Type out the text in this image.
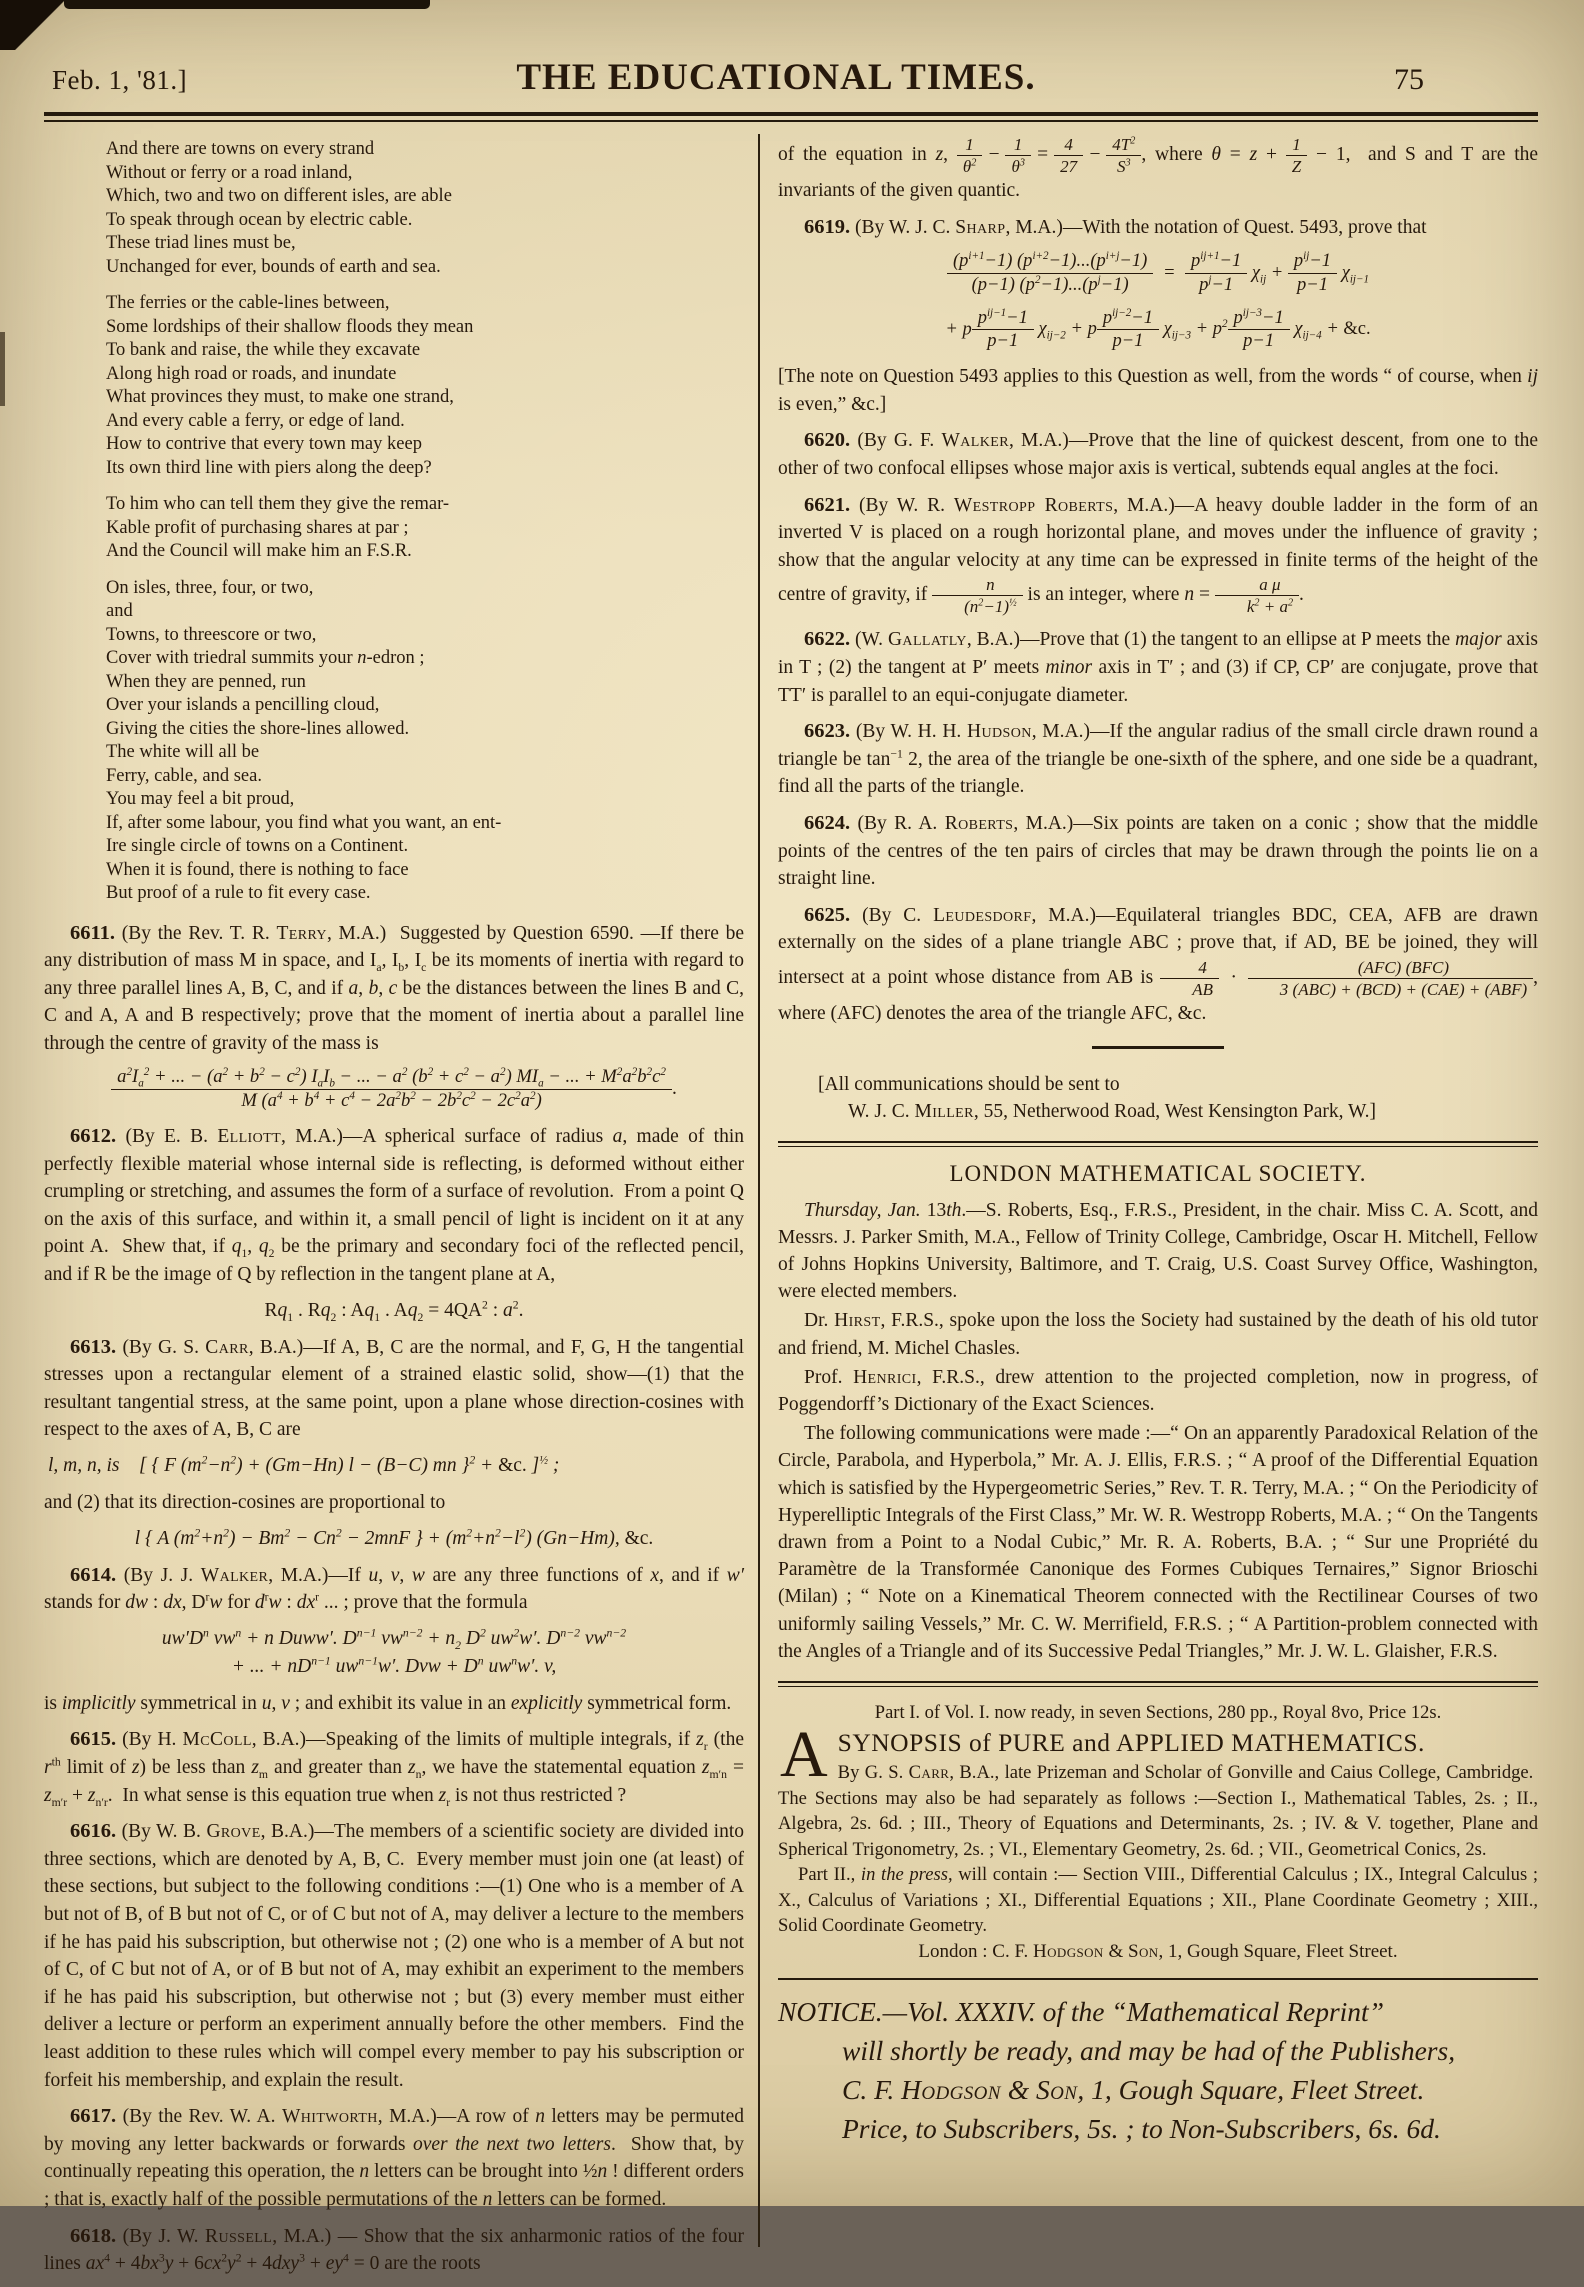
Feb. 1, '81.]	THE EDUCATIONAL TIMES.	75

And there are towns on every strand

Without or ferry or a road inland,

Which, two and two on different isles, are able

To speak through ocean by electric cable.

These triad lines must be,

Unchanged for ever, bounds of earth and sea.

The ferries or the cable-lines between,

Some lordships of their shallow floods they mean

To bank and raise, the while they excavate

Along high road or roads, and inundate

What provinces they must, to make one strand,

And every cable a ferry, or edge of land.

How to contrive that every town may keep

Its own third line with piers along the deep?

To him who can tell them they give the remar-

Kable profit of purchasing shares at par ;

And the Council will make him an F.S.R.

On isles, three, four, or two,

and

Towns, to threescore or two,

Cover with triedral summits your n-edron ;

When they are penned, run

Over your islands a pencilling cloud,

Giving the cities the shore-lines allowed.

The white will all be

Ferry, cable, and sea.

You may feel a bit proud,

If, after some labour, you find what you want, an ent-

Ire single circle of towns on a Continent.

When it is found, there is nothing to face

But proof of a rule to fit every case.

6611. (By the Rev. T. R. Terry, M.A.)  Suggested by Question 6590. —If there be any distribution of mass M in space, and $I_a$, $I_b$, $I_c$ be its moments of inertia with regard to any three parallel lines A, B, C, and if a, b, c be the distances between the lines B and C, C and A, A and B respectively; prove that the moment of inertia about a parallel line through the centre of gravity of the mass is

$a^2I_a^2$ + ... − $(a^2 + b^2 - c^2) I_aI_b$ − ... − $a^2$ $(b^2 + c^2 - a^2) MI_a$ − ... + $M^2a^2b^2c^2$
M $(a^4 + b^4 + c^4 - 2a^2b^2 - 2b^2c^2 - 2c^2a^2)$
.

6612. (By E. B. Elliott, M.A.)—A spherical surface of radius a, made of thin perfectly flexible material whose internal side is reflecting, is deformed without either crumpling or stretching, and assumes the form of a surface of revolution.  From a point Q on the axis of this surface, and within it, a small pencil of light is incident on it at any point A.  Shew that, if $q_1$, $q_2$ be the primary and secondary foci of the reflected pencil, and if R be the image of Q by reflection in the tangent plane at A,

$Rq_1$ . $Rq_2$ : $Aq_1$ . $Aq_2 = 4QA^2$ : $a^2$.

6613. (By G. S. Carr, B.A.)—If A, B, C are the normal, and F, G, H the tangential stresses upon a rectangular element of a strained elastic solid, show—(1) that the resultant tangential stress, at the same point, upon a plane whose direction-cosines with respect to the axes of A, B, C are

l, m, n, is    [ { F $(m^2-n^2) + (Gm-Hn) l - (B-C)$ mn }$^2$ + &c. ]$^{\frac{1}{2}}$ ;

and (2) that its direction-cosines are proportional to

l { A $(m^2+n^2) - Bm^2 - Cn^2 - 2mnF$ } + $(m^2+n^2-l^2)$ (Gn−Hm), &c.

6614. (By J. J. Walker, M.A.)—If u, v, w are any three functions of x, and if w′ stands for dw : dx, $D^rw$ for $d^rw$ : $dx^r$ ... ; prove that the formula

$uw'D^n$ $vw^n + n$ Duww′. $D^{n-1}$ $vw^{n-2} + n_2$ $D^2$ $uw^2w'$. $D^{n-2}$ $vw^{n-2}$
+ ... + $nD^{n-1}$ $uw^{n-1}w'$. Dvw + $D^n$ $uw^nw'$. v,

is implicitly symmetrical in u, v ; and exhibit its value in an explicitly symmetrical form.

6615. (By H. McColl, B.A.)—Speaking of the limits of multiple integrals, if $z_r$ (the $r^{th}$ limit of z) be less than $z_m$ and greater than $z_n$, we have the statemental equation $z_{m'n} = z_{m'r} + z_{n'r}$.  In what sense is this equation true when $z_r$ is not thus restricted ?

6616. (By W. B. Grove, B.A.)—The members of a scientific society are divided into three sections, which are denoted by A, B, C.  Every member must join one (at least) of these sections, but subject to the following conditions :—(1) One who is a member of A but not of B, of B but not of C, or of C but not of A, may deliver a lecture to the members if he has paid his subscription, but otherwise not ; (2) one who is a member of A but not of C, of C but not of A, or of B but not of A, may exhibit an experiment to the members if he has paid his subscription, but otherwise not ; but (3) every member must either deliver a lecture or perform an experiment annually before the other members.  Find the least addition to these rules which will compel every member to pay his subscription or forfeit his membership, and explain the result.

6617. (By the Rev. W. A. Whitworth, M.A.)—A row of n letters may be permuted by moving any letter backwards or forwards over the next two letters.  Show that, by continually repeating this operation, the n letters can be brought into ½n ! different orders ; that is, exactly half of the possible permutations of the n letters can be formed.

6618. (By J. W. Russell, M.A.) — Show that the six anharmonic ratios of the four lines $ax^4 + 4bx^3y + 6cx^2y^2 + 4dxy^3 + ey^4 = 0$ are the roots

of the equation in z, $\frac{1}{\theta^2} - \frac{1}{\theta^3} = \frac{4}{27} - \frac{4T^2}{S^3}$ , where $\theta = z + \frac{1}{Z} - 1$,  and S and T are the invariants of the given quantic.

6619. (By W. J. C. Sharp, M.A.)—With the notation of Quest. 5493, prove that

$\frac{(p^{i+1}-1) (p^{i+2}-1)...(p^{i+j}-1)}{(p-1) (p^2-1)...(p^j-1)} = \frac{p^{ij+1}-1}{p^j-1} \chi_{ij} + \frac{p^{ij}-1}{p-1} \chi_{ij-1}$
+ p $\frac{p^{ij-1}-1}{p-1} \chi_{ij-2} + p \frac{p^{ij-2}-1}{p-1} \chi_{ij-3} + p^2 \frac{p^{ij-3}-1}{p-1} \chi_{ij-4}$ + &c.

[The note on Question 5493 applies to this Question as well, from the words “ of course, when ij is even,” &c.]

6620. (By G. F. Walker, M.A.)—Prove that the line of quickest descent, from one to the other of two confocal ellipses whose major axis is vertical, subtends equal angles at the foci.

6621. (By W. R. Westropp Roberts, M.A.)—A heavy double ladder in the form of an inverted V is placed on a rough horizontal plane, and moves under the influence of gravity ; show that the angular velocity at any time can be expressed in finite terms of the height of the centre of gravity, if $\frac{n}{(n^2-1)^{\frac{1}{2}}}$ is an integer, where $n = \frac{\text{a μ}}{k^2 + a^2}$ .

6622. (W. Gallatly, B.A.)—Prove that (1) the tangent to an ellipse at P meets the major axis in T ; (2) the tangent at P′ meets minor axis in T′ ; and (3) if CP, CP′ are conjugate, prove that TT′ is parallel to an equi-conjugate diameter.

6623. (By W. H. H. Hudson, M.A.)—If the angular radius of the small circle drawn round a triangle be $\tan^{-1} 2$, the area of the triangle be one-sixth of the sphere, and one side be a quadrant, find all the parts of the triangle.

6624. (By R. A. Roberts, M.A.)—Six points are taken on a conic ; show that the middle points of the centres of the ten pairs of circles that may be drawn through the points lie on a straight line.

6625. (By C. Leudesdorf, M.A.)—Equilateral triangles BDC, CEA, AFB are drawn externally on the sides of a plane triangle ABC ; prove that, if AD, BE be joined, they will intersect at a point whose distance from AB is $\frac{4}{AB} \cdot \frac{\text{(AFC) (BFC)}}{\text{3 (ABC) + (BCD) + (CAE) + (ABF)}}$ , where (AFC) denotes the area of the triangle AFC, &c.

[All communications should be sent to

W. J. C. Miller, 55, Netherwood Road, West Kensington Park, W.]

LONDON MATHEMATICAL SOCIETY.

Thursday, Jan. 13th.—S. Roberts, Esq., F.R.S., President, in the chair. Miss C. A. Scott, and Messrs. J. Parker Smith, M.A., Fellow of Trinity College, Cambridge, Oscar H. Mitchell, Fellow of Johns Hopkins University, Baltimore, and T. Craig, U.S. Coast Survey Office, Washington, were elected members.

Dr. Hirst, F.R.S., spoke upon the loss the Society had sustained by the death of his old tutor and friend, M. Michel Chasles.

Prof. Henrici, F.R.S., drew attention to the projected completion, now in progress, of Poggendorff’s Dictionary of the Exact Sciences.

The following communications were made :—“ On an apparently Paradoxical Relation of the Circle, Parabola, and Hyperbola,” Mr. A. J. Ellis, F.R.S. ; “ A proof of the Differential Equation which is satisfied by the Hypergeometric Series,” Rev. T. R. Terry, M.A. ; “ On the Periodicity of Hyperelliptic Integrals of the First Class,” Mr. W. R. Westropp Roberts, M.A. ; “ On the Tangents drawn from a Point to a Nodal Cubic,” Mr. R. A. Roberts, B.A. ; “ Sur une Propriété du Paramètre de la Transformée Canonique des Formes Cubiques Ternaires,” Signor Brioschi (Milan) ; “ Note on a Kinematical Theorem connected with the Rectilinear Courses of two uniformly sailing Vessels,” Mr. C. W. Merrifield, F.R.S. ; “ A Partition-problem connected with the Angles of a Triangle and of its Successive Pedal Triangles,” Mr. J. W. L. Glaisher, F.R.S.

Part I. of Vol. I. now ready, in seven Sections, 280 pp., Royal 8vo, Price 12s.

A SYNOPSIS of PURE and APPLIED MATHEMATICS.

By G. S. Carr, B.A., late Prizeman and Scholar of Gonville and Caius College, Cambridge.  The Sections may also be had separately as follows :—Section I., Mathematical Tables, 2s. ; II., Algebra, 2s. 6d. ; III., Theory of Equations and Determinants, 2s. ; IV. & V. together, Plane and Spherical Trigonometry, 2s. ; VI., Elementary Geometry, 2s. 6d. ; VII., Geometrical Conics, 2s.

Part II., in the press, will contain :— Section VIII., Differential Calculus ; IX., Integral Calculus ; X., Calculus of Variations ; XI., Differential Equations ; XII., Plane Coordinate Geometry ; XIII., Solid Coordinate Geometry.

London : C. F. Hodgson & Son, 1, Gough Square, Fleet Street.

NOTICE.—Vol. XXXIV. of the “Mathematical Reprint”

will shortly be ready, and may be had of the Publishers,

C. F. Hodgson & Son, 1, Gough Square, Fleet Street.

Price, to Subscribers, 5s. ; to Non-Subscribers, 6s. 6d.
